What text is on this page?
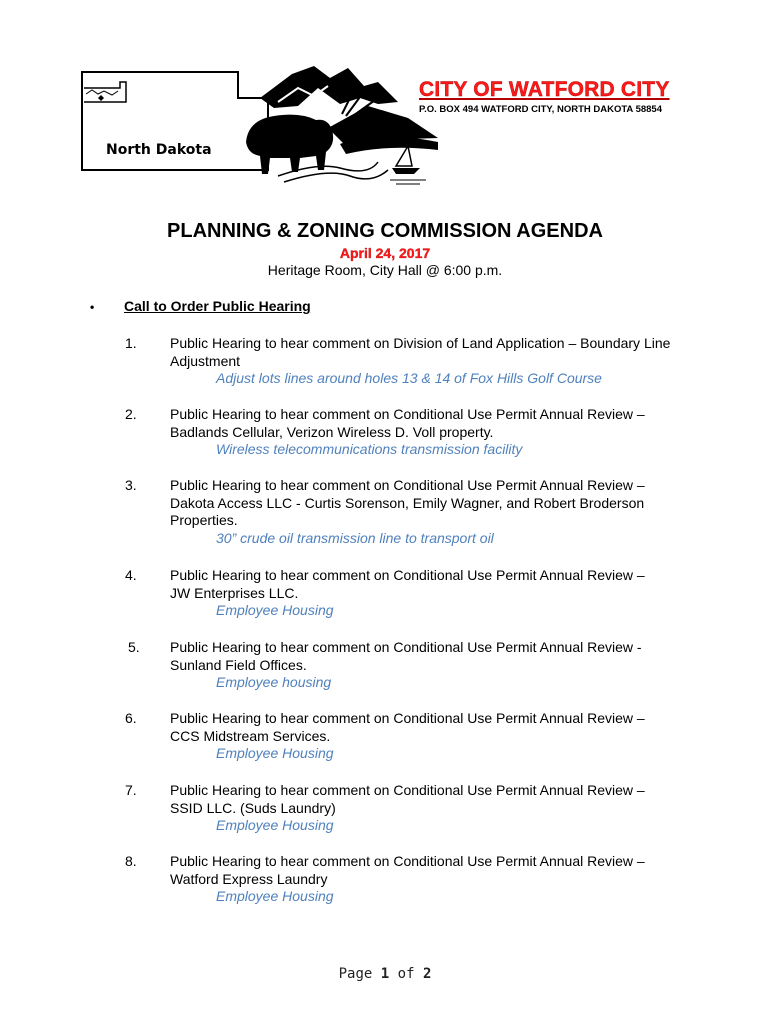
North Dakota
CITY OF WATFORD CITY
P.O. BOX 494 WATFORD CITY, NORTH DAKOTA 58854
PLANNING & ZONING COMMISSION AGENDA
April 24, 2017
Heritage Room, City Hall @ 6:00 p.m.
• Call to Order Public Hearing
1. Public Hearing to hear comment on Division of Land Application – Boundary Line
Adjustment
Adjust lots lines around holes 13 & 14 of Fox Hills Golf Course
2. Public Hearing to hear comment on Conditional Use Permit Annual Review –
Badlands Cellular, Verizon Wireless D. Voll property.
Wireless telecommunications transmission facility
3. Public Hearing to hear comment on Conditional Use Permit Annual Review –
Dakota Access LLC - Curtis Sorenson, Emily Wagner, and Robert Broderson
Properties.
30” crude oil transmission line to transport oil
4. Public Hearing to hear comment on Conditional Use Permit Annual Review –
JW Enterprises LLC.
Employee Housing
5. Public Hearing to hear comment on Conditional Use Permit Annual Review -
Sunland Field Offices.
Employee housing
6. Public Hearing to hear comment on Conditional Use Permit Annual Review –
CCS Midstream Services.
Employee Housing
7. Public Hearing to hear comment on Conditional Use Permit Annual Review –
SSID LLC. (Suds Laundry)
Employee Housing
8. Public Hearing to hear comment on Conditional Use Permit Annual Review –
Watford Express Laundry
Employee Housing
Page 1 of 2
